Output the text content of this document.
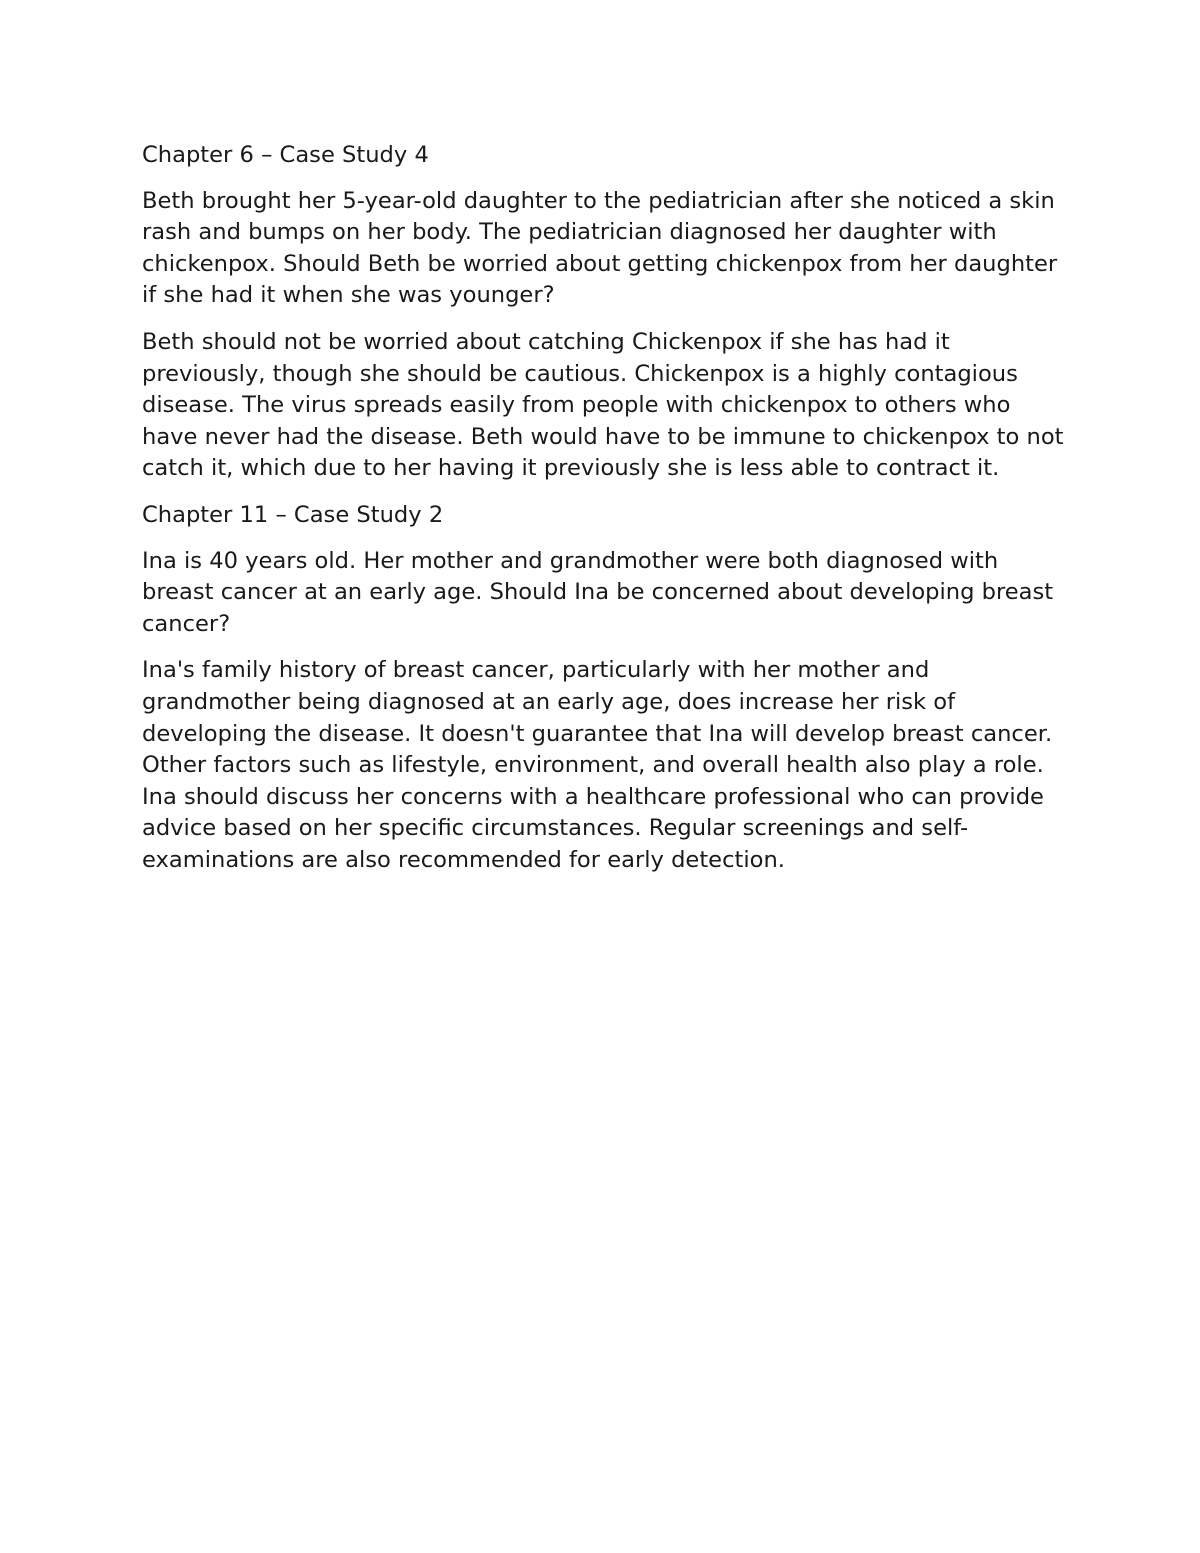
Chapter 6 – Case Study 4

Beth brought her 5-year-old daughter to the pediatrician after she noticed a skin rash and bumps on her body. The pediatrician diagnosed her daughter with chickenpox. Should Beth be worried about getting chickenpox from her daughter if she had it when she was younger?

Beth should not be worried about catching Chickenpox if she has had it previously, though she should be cautious. Chickenpox is a highly contagious disease. The virus spreads easily from people with chickenpox to others who have never had the disease. Beth would have to be immune to chickenpox to not catch it, which due to her having it previously she is less able to contract it.

Chapter 11 – Case Study 2

Ina is 40 years old. Her mother and grandmother were both diagnosed with breast cancer at an early age. Should Ina be concerned about developing breast cancer?

Ina's family history of breast cancer, particularly with her mother and grandmother being diagnosed at an early age, does increase her risk of developing the disease. It doesn't guarantee that Ina will develop breast cancer. Other factors such as lifestyle, environment, and overall health also play a role. Ina should discuss her concerns with a healthcare professional who can provide advice based on her specific circumstances. Regular screenings and self-examinations are also recommended for early detection.
